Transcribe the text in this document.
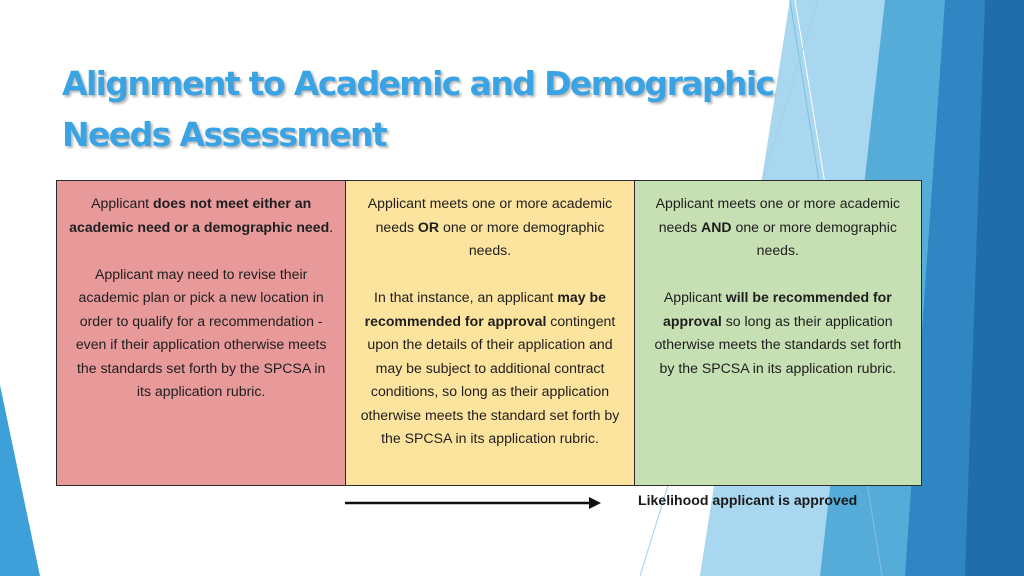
Alignment to Academic and Demographic
Needs Assessment

Applicant does not meet either an academic need or a demographic need.

Applicant may need to revise their academic plan or pick a new location in order to qualify for a recommendation - even if their application otherwise meets the standards set forth by the SPCSA in its application rubric.

Applicant meets one or more academic needs OR one or more demographic needs.

In that instance, an applicant may be recommended for approval contingent upon the details of their application and may be subject to additional contract conditions, so long as their application otherwise meets the standard set forth by the SPCSA in its application rubric.

Applicant meets one or more academic needs AND one or more demographic needs.

Applicant will be recommended for approval so long as their application otherwise meets the standards set forth by the SPCSA in its application rubric.

Likelihood applicant is approved
